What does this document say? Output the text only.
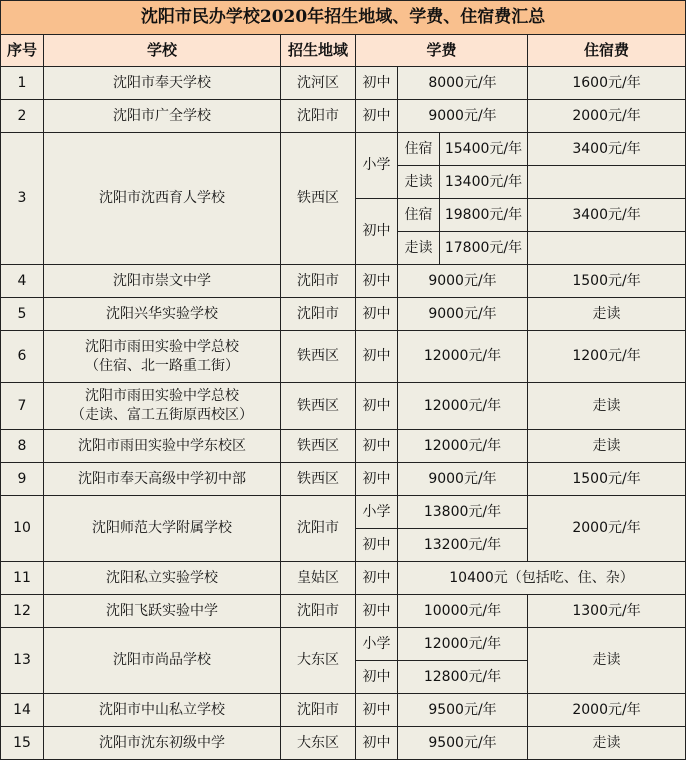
沈阳市民办学校2020年招生地域、学费、住宿费汇总						
序号	学校	招生地域	学费			住宿费
1	沈阳市奉天学校	沈河区	初中	8000元/年		1600元/年
2	沈阳市广全学校	沈阳市	初中	9000元/年		2000元/年
3	沈阳市沈西育人学校	铁西区	小学	住宿	15400元/年	3400元/年
				走读	13400元/年	
			初中	住宿	19800元/年	3400元/年
				走读	17800元/年	
4	沈阳市崇文中学	沈阳市	初中	9000元/年		1500元/年
5	沈阳兴华实验学校	沈阳市	初中	9000元/年		走读
6	沈阳市雨田实验中学总校
（住宿、北一路重工街）	铁西区	初中	12000元/年		1200元/年
7	沈阳市雨田实验中学总校
（走读、富工五街原西校区）	铁西区	初中	12000元/年		走读
8	沈阳市雨田实验中学东校区	铁西区	初中	12000元/年		走读
9	沈阳市奉天高级中学初中部	铁西区	初中	9000元/年		1500元/年
10	沈阳师范大学附属学校	沈阳市	小学	13800元/年		2000元/年
			初中	13200元/年		
11	沈阳私立实验学校	皇姑区	初中	10400元（包括吃、住、杂）		
12	沈阳飞跃实验中学	沈阳市	初中	10000元/年		1300元/年
13	沈阳市尚品学校	大东区	小学	12000元/年		走读
			初中	12800元/年		
14	沈阳市中山私立学校	沈阳市	初中	9500元/年		2000元/年
15	沈阳市沈东初级中学	大东区	初中	9500元/年		走读
